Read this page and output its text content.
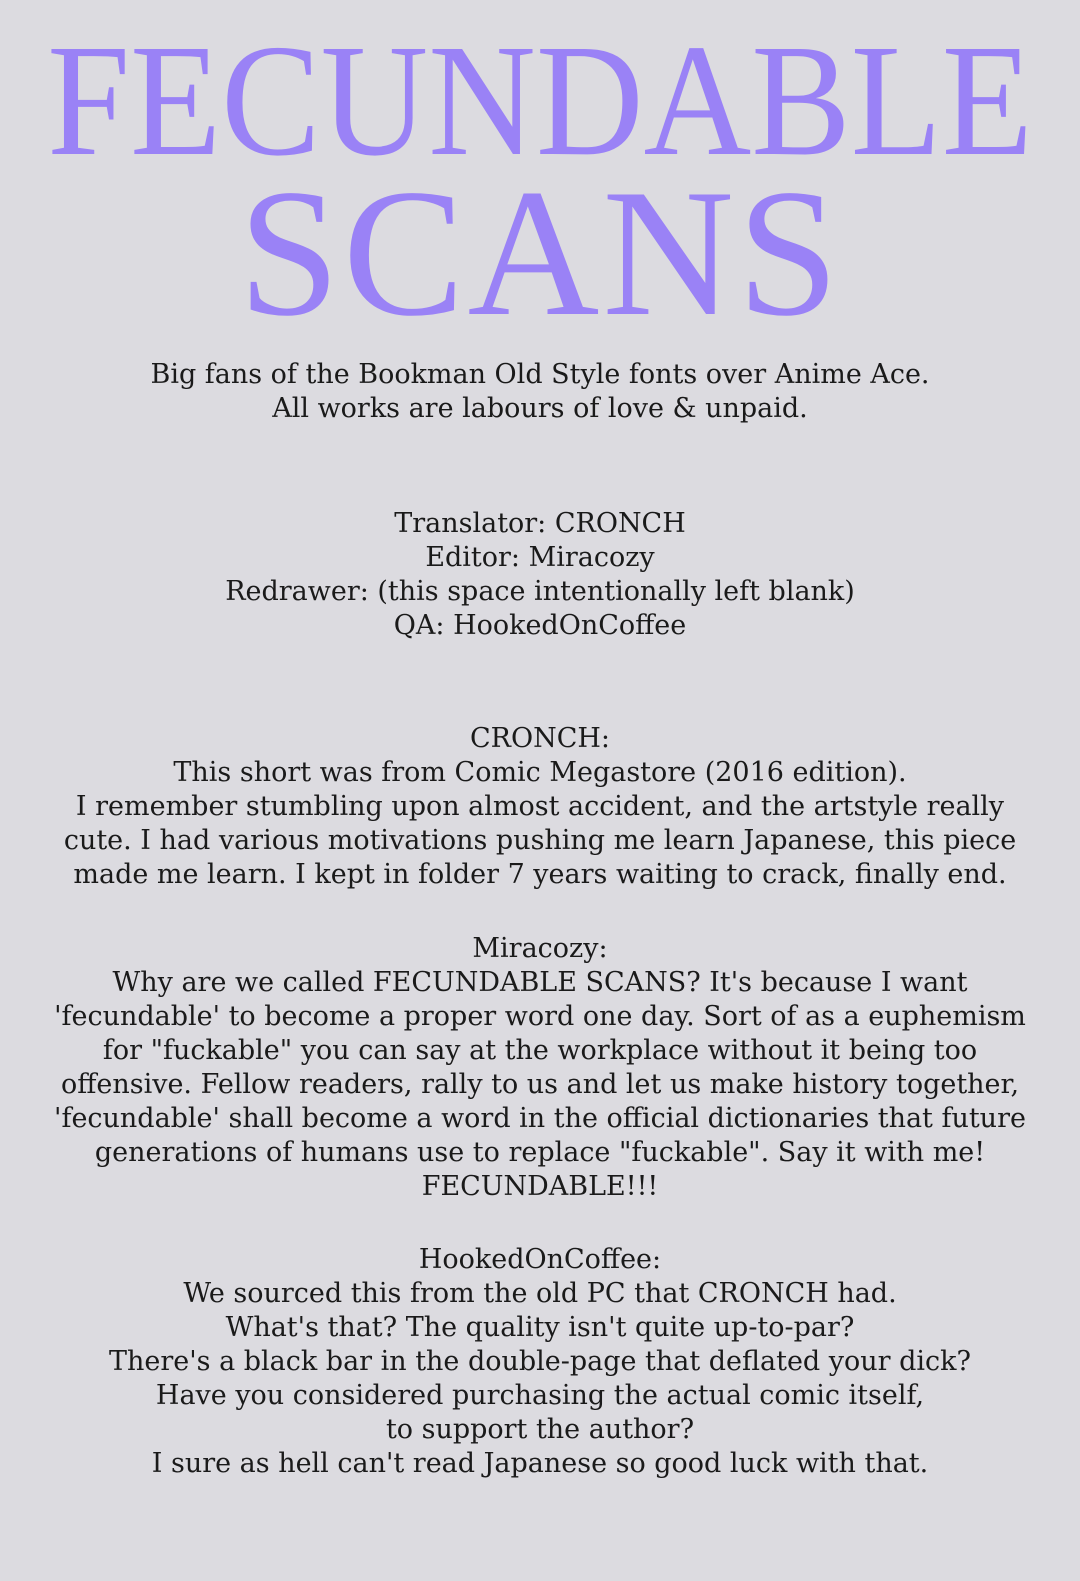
FECUNDABLE
SCANS
Big fans of the Bookman Old Style fonts over Anime Ace.
All works are labours of love & unpaid.
Translator: CRONCH
Editor: Miracozy
Redrawer: (this space intentionally left blank)
QA: HookedOnCoffee
CRONCH:
This short was from Comic Megastore (2016 edition).
I remember stumbling upon almost accident, and the artstyle really
cute. I had various motivations pushing me learn Japanese, this piece
made me learn. I kept in folder 7 years waiting to crack, finally end.
Miracozy:
Why are we called FECUNDABLE SCANS? It's because I want
'fecundable' to become a proper word one day. Sort of as a euphemism
for "fuckable" you can say at the workplace without it being too
offensive. Fellow readers, rally to us and let us make history together,
'fecundable' shall become a word in the official dictionaries that future
generations of humans use to replace "fuckable". Say it with me!
FECUNDABLE!!!
HookedOnCoffee:
We sourced this from the old PC that CRONCH had.
What's that? The quality isn't quite up-to-par?
There's a black bar in the double-page that deflated your dick?
Have you considered purchasing the actual comic itself,
to support the author?
I sure as hell can't read Japanese so good luck with that.
